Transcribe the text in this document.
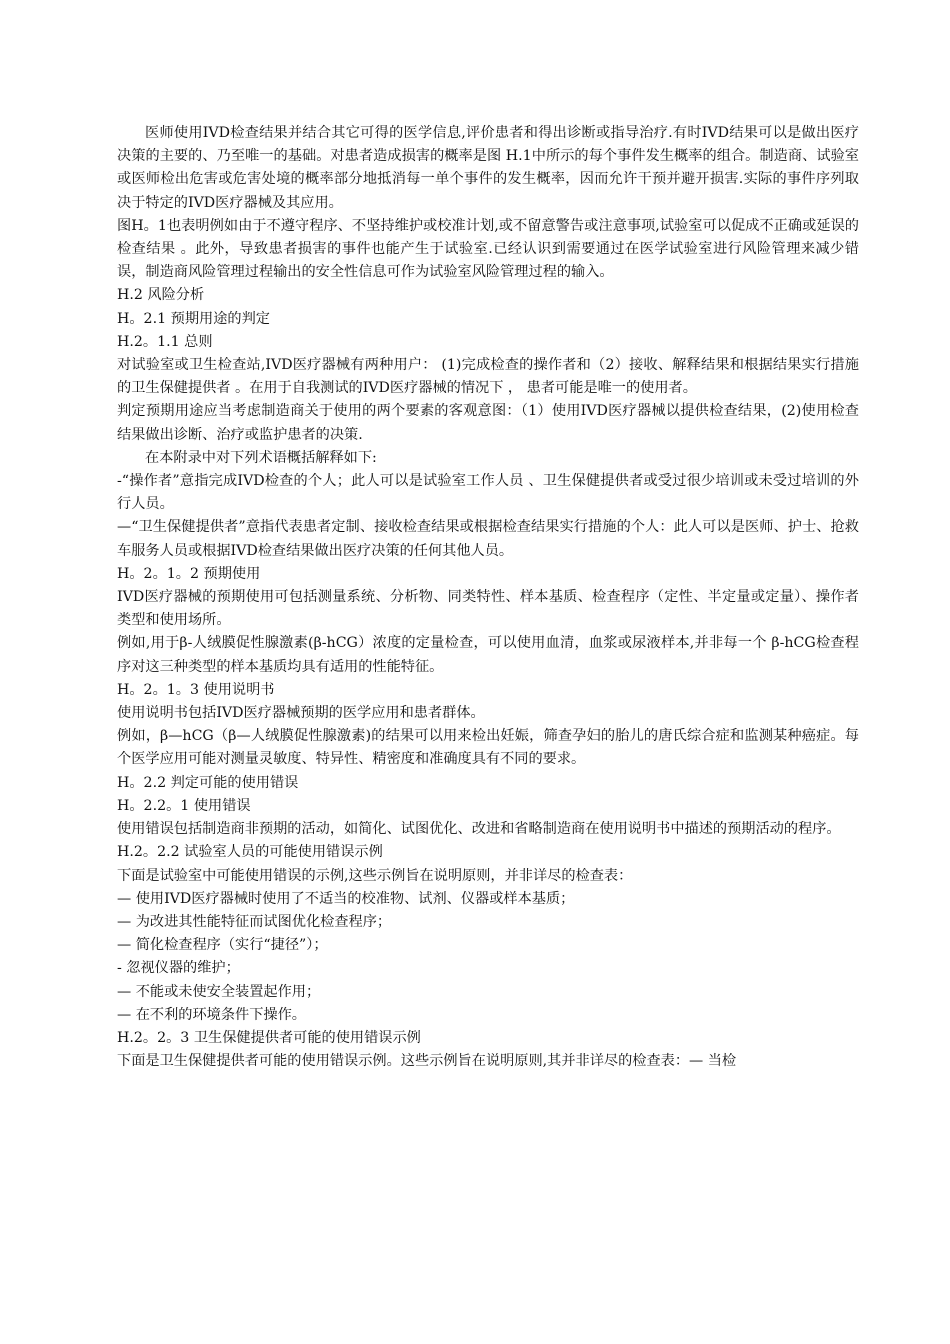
医师使用IVD检查结果并结合其它可得的医学信息,评价患者和得出诊断或指导治疗.有时IVD结果可以是做出医疗决策的主要的、乃至唯一的基础。对患者造成损害的概率是图 H.1中所示的每个事件发生概率的组合。制造商、试验室或医师检出危害或危害处境的概率部分地抵消每一单个事件的发生概率，因而允许干预并避开损害.实际的事件序列取决于特定的IVD医疗器械及其应用。

图H。1也表明例如由于不遵守程序、不坚持维护或校准计划,或不留意警告或注意事项,试验室可以促成不正确或延误的检查结果 。此外，导致患者损害的事件也能产生于试验室.已经认识到需要通过在医学试验室进行风险管理来减少错误，制造商风险管理过程输出的安全性信息可作为试验室风险管理过程的输入。

H.2 风险分析

H。2.1 预期用途的判定

H.2。1.1 总则

对试验室或卫生检查站,IVD医疗器械有两种用户： (1)完成检查的操作者和（2）接收、解释结果和根据结果实行措施的卫生保健提供者 。在用于自我测试的IVD医疗器械的情况下 ， 患者可能是唯一的使用者。

判定预期用途应当考虑制造商关于使用的两个要素的客观意图：（1）使用IVD医疗器械以提供检查结果，(2)使用检查结果做出诊断、治疗或监护患者的决策.

在本附录中对下列术语概括解释如下:

-“操作者”意指完成IVD检查的个人；此人可以是试验室工作人员 、卫生保健提供者或受过很少培训或未受过培训的外行人员。

—“卫生保健提供者”意指代表患者定制、接收检查结果或根据检查结果实行措施的个人：此人可以是医师、护士、抢救车服务人员或根据IVD检查结果做出医疗决策的任何其他人员。

H。2。1。2 预期使用

IVD医疗器械的预期使用可包括测量系统、分析物、同类特性、样本基质、检查程序（定性、半定量或定量）、操作者类型和使用场所。

例如,用于β-人绒膜促性腺激素(β-hCG）浓度的定量检查，可以使用血清，血浆或尿液样本,并非每一个 β-hCG检查程序对这三种类型的样本基质均具有适用的性能特征。

H。2。1。3 使用说明书

使用说明书包括IVD医疗器械预期的医学应用和患者群体。

例如，β—hCG（β—人绒膜促性腺激素)的结果可以用来检出妊娠，筛查孕妇的胎儿的唐氏综合症和监测某种癌症。每个医学应用可能对测量灵敏度、特异性、精密度和准确度具有不同的要求。

H。2.2 判定可能的使用错误

H。2.2。1 使用错误

使用错误包括制造商非预期的活动，如简化、试图优化、改进和省略制造商在使用说明书中描述的预期活动的程序。

H.2。2.2 试验室人员的可能使用错误示例

下面是试验室中可能使用错误的示例,这些示例旨在说明原则，并非详尽的检查表：

— 使用IVD医疗器械时使用了不适当的校准物、试剂、仪器或样本基质；

— 为改进其性能特征而试图优化检查程序；

— 简化检查程序（实行“捷径”）；

- 忽视仪器的维护；

— 不能或未使安全装置起作用；

— 在不利的环境条件下操作。

H.2。2。3 卫生保健提供者可能的使用错误示例

下面是卫生保健提供者可能的使用错误示例。这些示例旨在说明原则,其并非详尽的检查表：— 当检
